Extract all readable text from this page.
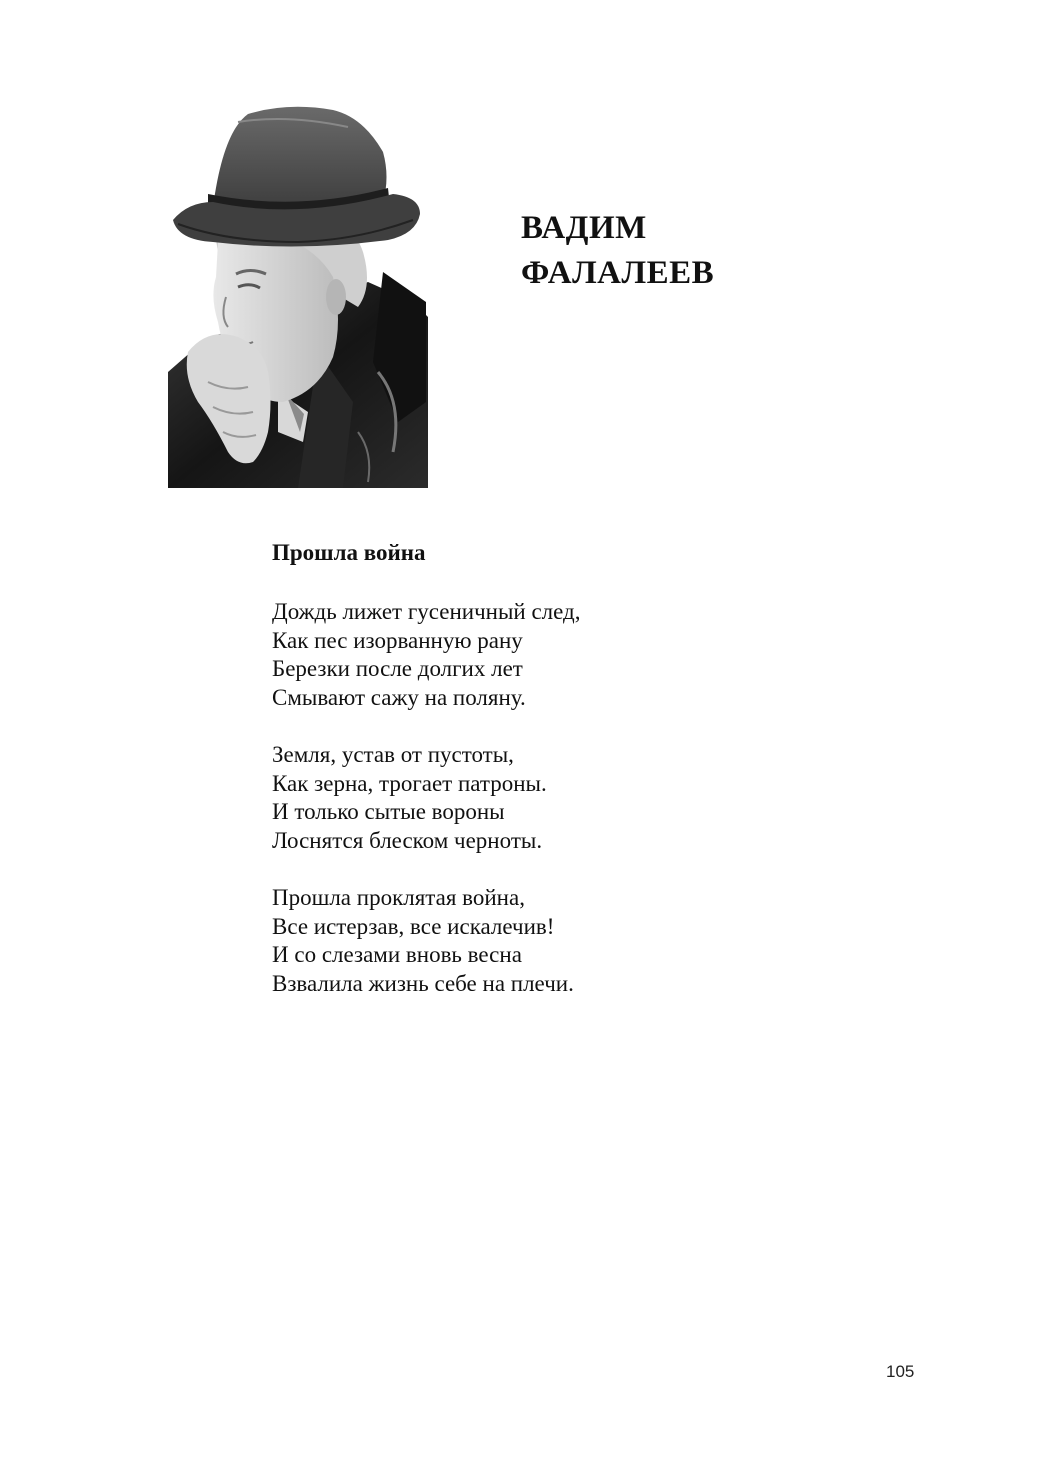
ВАДИМ
ФАЛАЛЕЕВ
Прошла война
Дождь лижет гусеничный след,
Как пес изорванную рану
Березки после долгих лет
Смывают сажу на поляну.
Земля, устав от пустоты,
Как зерна, трогает патроны.
И только сытые вороны
Лоснятся блеском черноты.
Прошла проклятая война,
Все истерзав, все искалечив!
И со слезами вновь весна
Взвалила жизнь себе на плечи.
105
